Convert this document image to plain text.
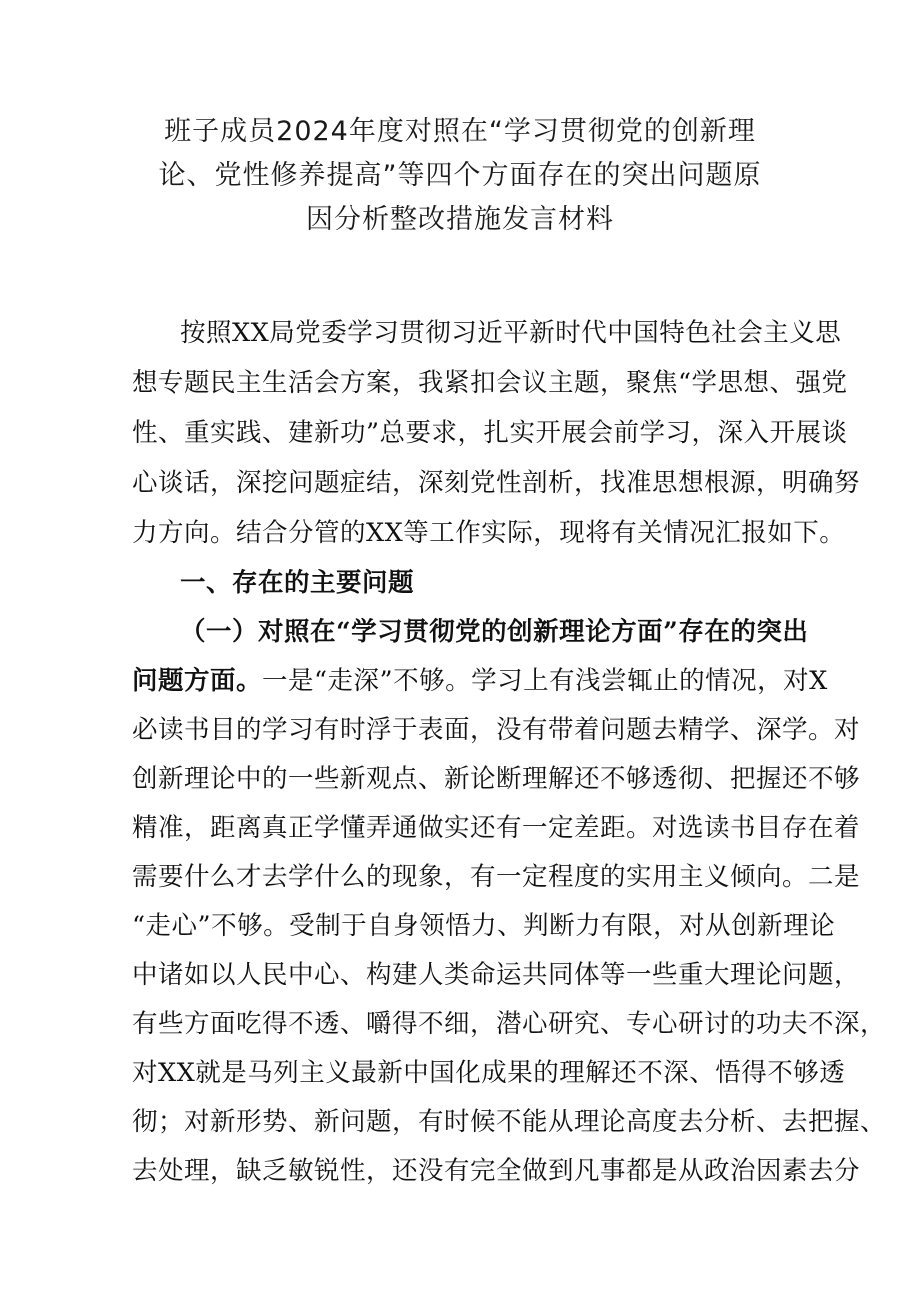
班子成员2024年度对照在“学习贯彻党的创新理
论、党性修养提高”等四个方面存在的突出问题原
因分析整改措施发言材料
按照XX局党委学习贯彻习近平新时代中国特色社会主义思
想专题民主生活会方案，我紧扣会议主题，聚焦“学思想、强党
性、重实践、建新功”总要求，扎实开展会前学习，深入开展谈
心谈话，深挖问题症结，深刻党性剖析，找准思想根源，明确努
力方向。结合分管的XX等工作实际，现将有关情况汇报如下。
一、存在的主要问题
（一）对照在“学习贯彻党的创新理论方面”存在的突出
问题方面。一是“走深”不够。学习上有浅尝辄止的情况，对X
必读书目的学习有时浮于表面，没有带着问题去精学、深学。对
创新理论中的一些新观点、新论断理解还不够透彻、把握还不够
精准，距离真正学懂弄通做实还有一定差距。对选读书目存在着
需要什么才去学什么的现象，有一定程度的实用主义倾向。二是
“走心”不够。受制于自身领悟力、判断力有限，对从创新理论
中诸如以人民中心、构建人类命运共同体等一些重大理论问题，
有些方面吃得不透、嚼得不细，潜心研究、专心研讨的功夫不深，
对XX就是马列主义最新中国化成果的理解还不深、悟得不够透
彻；对新形势、新问题，有时候不能从理论高度去分析、去把握、
去处理，缺乏敏锐性，还没有完全做到凡事都是从政治因素去分
